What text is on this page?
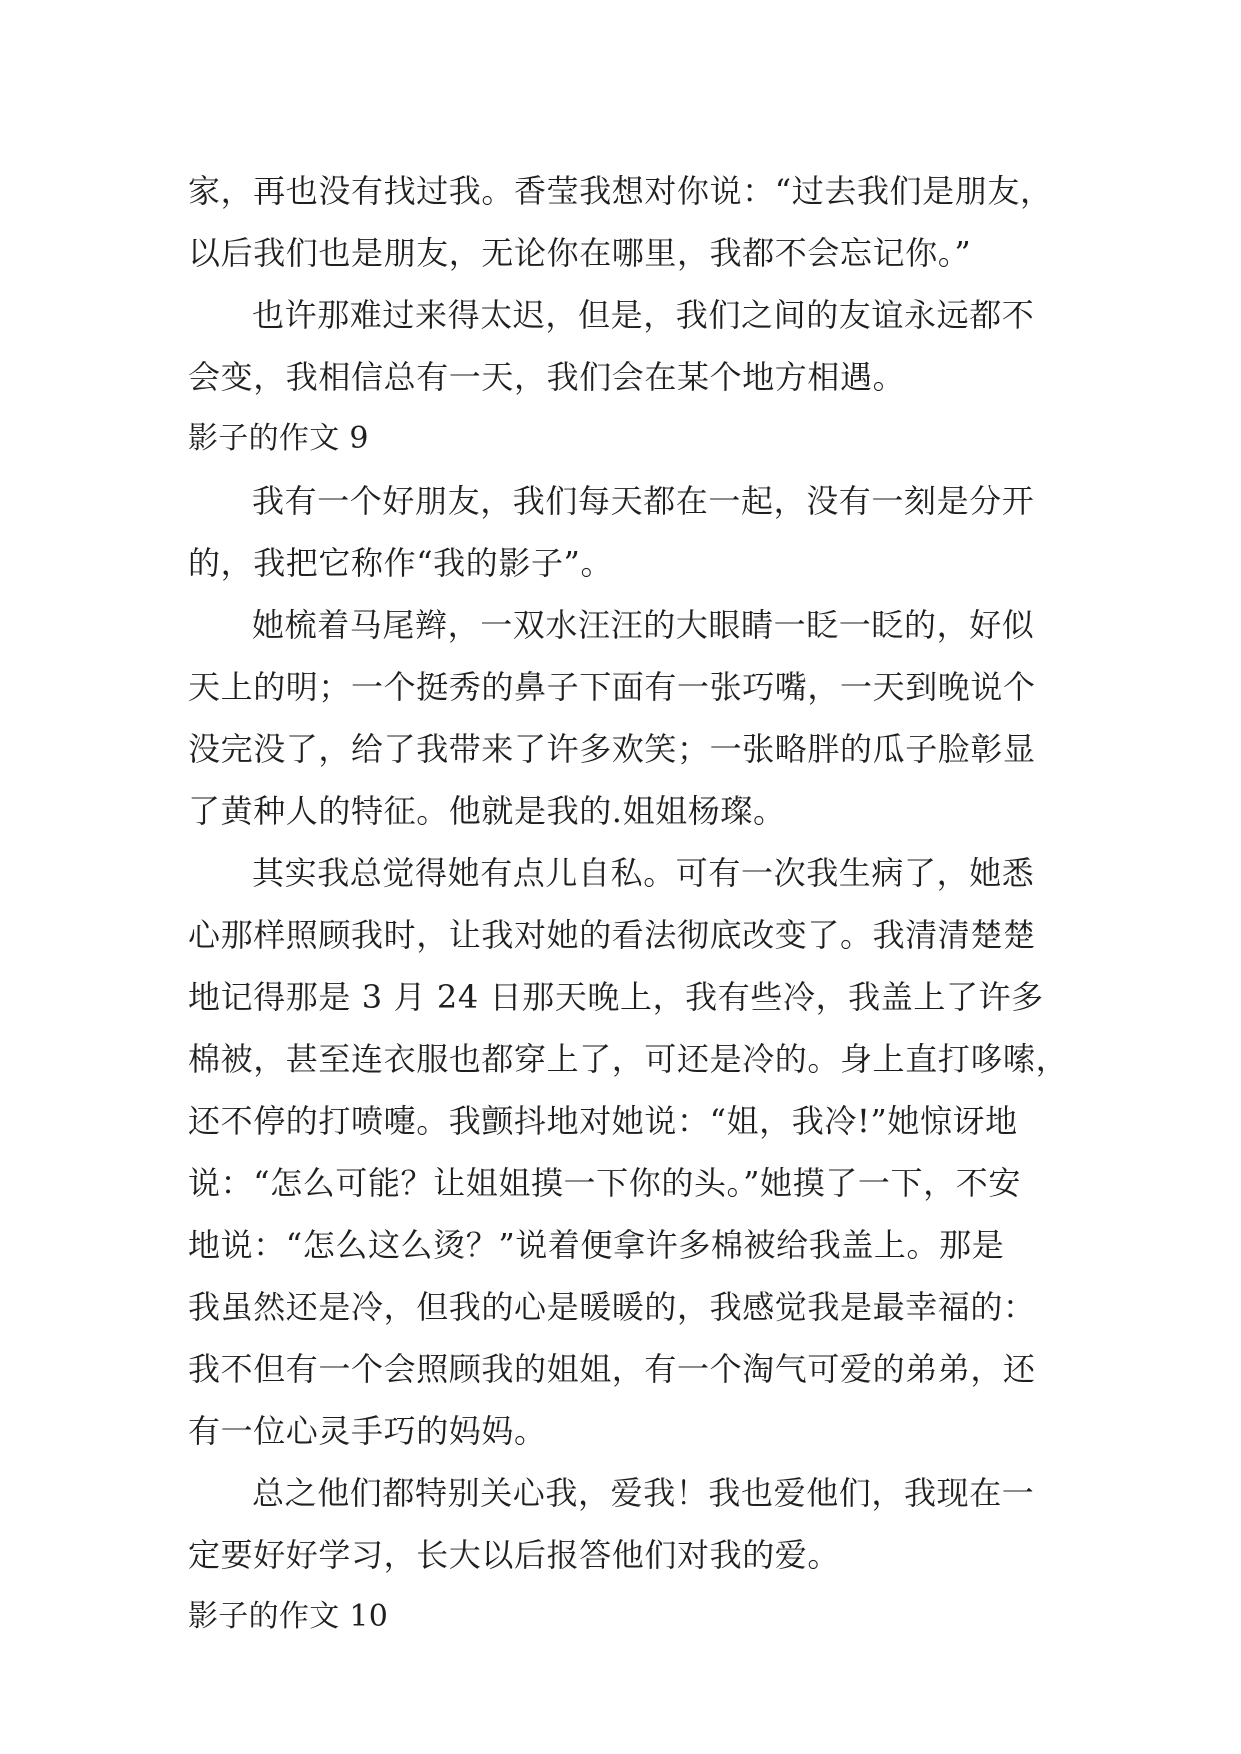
家，再也没有找过我。香莹我想对你说：“过去我们是朋友，
以后我们也是朋友，无论你在哪里，我都不会忘记你。”
也许那难过来得太迟，但是，我们之间的友谊永远都不
会变，我相信总有一天，我们会在某个地方相遇。
影子的作文 9
我有一个好朋友，我们每天都在一起，没有一刻是分开
的，我把它称作“我的影子”。
她梳着马尾辫，一双水汪汪的大眼睛一眨一眨的，好似
天上的明；一个挺秀的鼻子下面有一张巧嘴，一天到晚说个
没完没了，给了我带来了许多欢笑；一张略胖的瓜子脸彰显
了黄种人的特征。他就是我的.姐姐杨璨。
其实我总觉得她有点儿自私。可有一次我生病了，她悉
心那样照顾我时，让我对她的看法彻底改变了。我清清楚楚
地记得那是 3 月 24 日那天晚上，我有些冷，我盖上了许多
棉被，甚至连衣服也都穿上了，可还是冷的。身上直打哆嗦，
还不停的打喷嚏。我颤抖地对她说：“姐，我冷!”她惊讶地
说：“怎么可能？让姐姐摸一下你的头。”她摸了一下，不安
地说：“怎么这么烫？”说着便拿许多棉被给我盖上。那是
我虽然还是冷，但我的心是暖暖的，我感觉我是最幸福的：
我不但有一个会照顾我的姐姐，有一个淘气可爱的弟弟，还
有一位心灵手巧的妈妈。
总之他们都特别关心我，爱我！我也爱他们，我现在一
定要好好学习，长大以后报答他们对我的爱。
影子的作文 10
